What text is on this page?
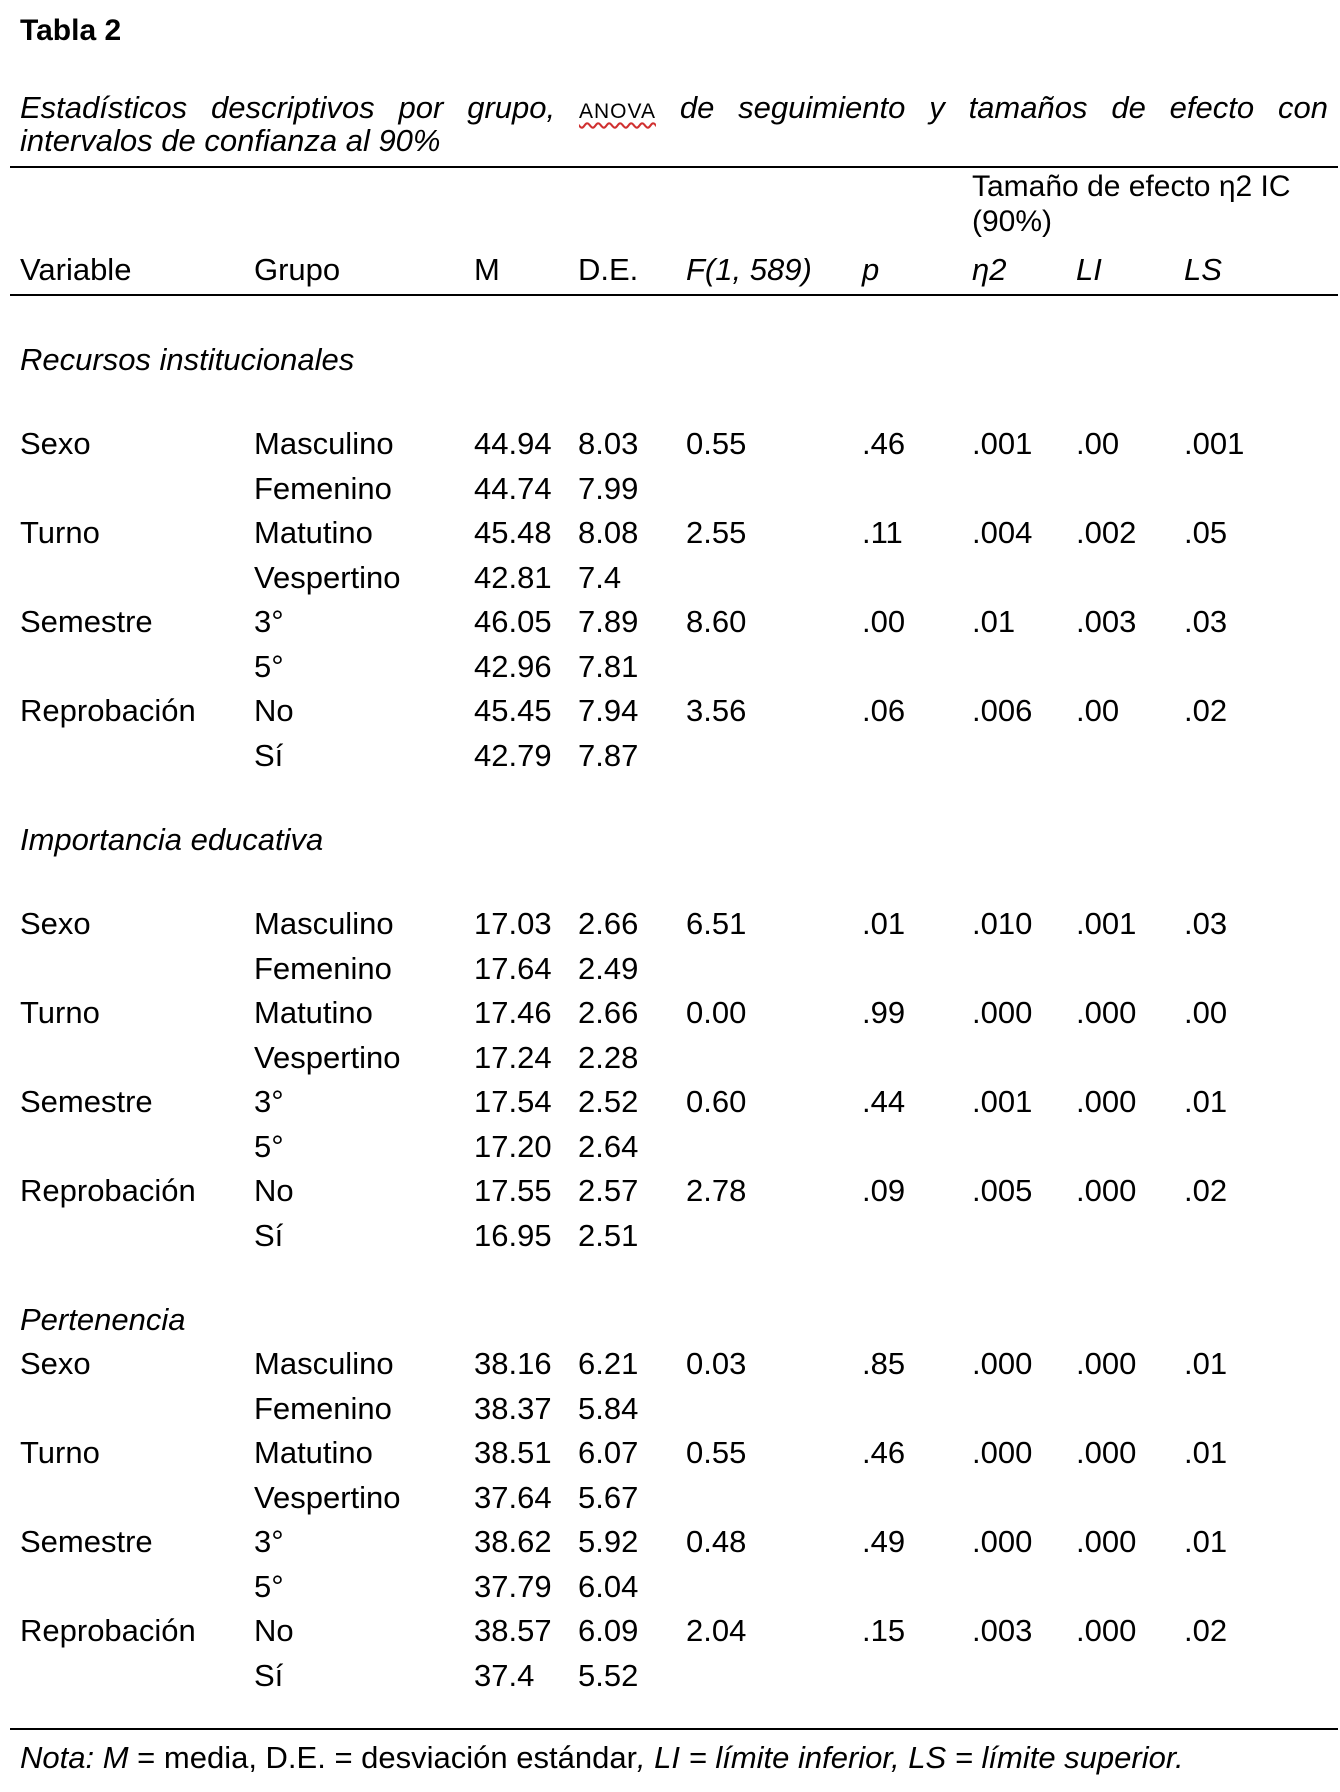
Tabla 2
Estadísticos descriptivos por grupo, ANOVA de seguimiento y tamaños de efecto con
intervalos de confianza al 90%
Tamaño de efecto η2 IC (90%)
Variable	Grupo	M	D.E. F(1, 589) p	η2 LI	LS
Recursos institucionales
Sexo	Masculino	44.94 8.03 0.55	.46 .001 .00 .001
Femenino	44.74 7.99
Turno	Matutino	45.48 8.08 2.55	.11 .004 .002 .05
Vespertino 42.81 7.4
Semestre	3°	46.05 7.89 8.60	.00 .01 .003 .03
5°	42.96 7.81
Reprobación No	45.45 7.94 3.56	.06 .006 .00 .02
Sí	42.79 7.87
Importancia educativa
Sexo	Masculino	17.03 2.66 6.51	.01 .010 .001 .03
Femenino	17.64 2.49
Turno	Matutino	17.46 2.66 0.00	.99 .000 .000 .00
Vespertino 17.24 2.28
Semestre	3°	17.54 2.52 0.60	.44 .001 .000 .01
5°	17.20 2.64
Reprobación No	17.55 2.57 2.78	.09 .005 .000 .02
Sí	16.95 2.51
Pertenencia
Sexo	Masculino	38.16 6.21 0.03	.85 .000 .000 .01
Femenino	38.37 5.84
Turno	Matutino	38.51 6.07 0.55	.46 .000 .000 .01
Vespertino 37.64 5.67
Semestre	3°	38.62 5.92 0.48	.49 .000 .000 .01
5°	37.79 6.04
Reprobación No	38.57 6.09 2.04	.15 .003 .000 .02
Sí	37.4 5.52
Nota: M = media, D.E. = desviación estándar, LI = límite inferior, LS = límite superior.
